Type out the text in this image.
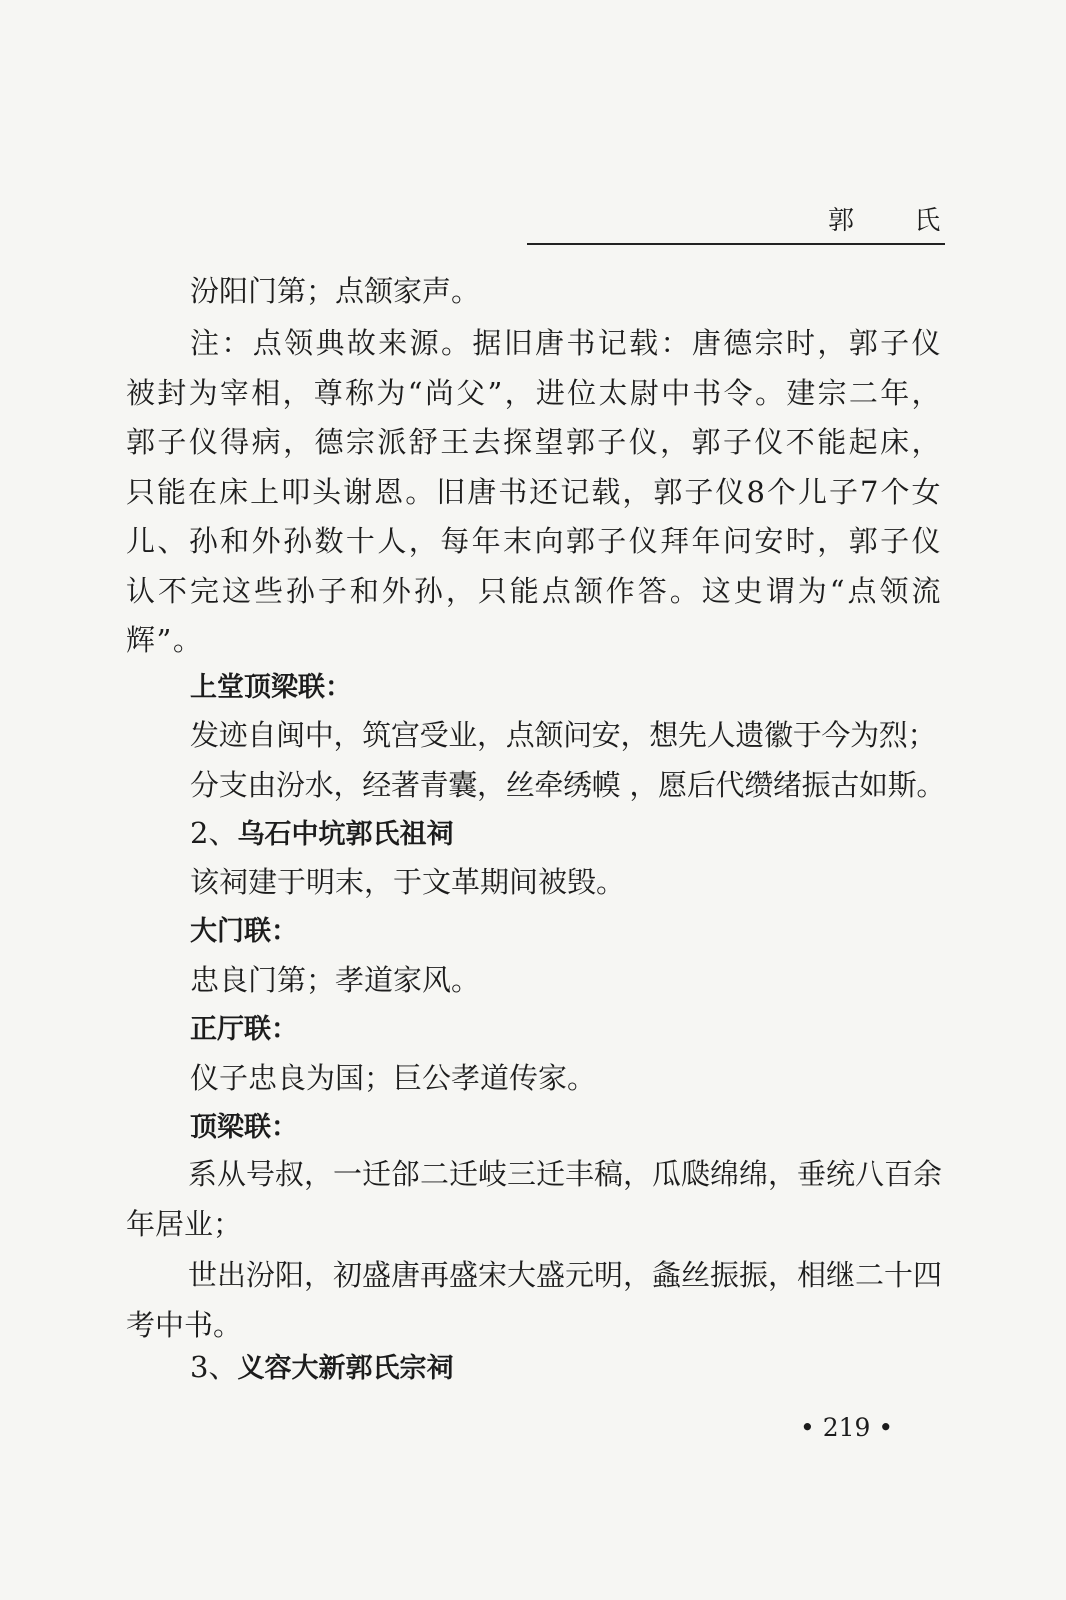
郭 氏
汾阳门第；点颔家声。
注：点领典故来源。据旧唐书记载：唐德宗时，郭子仪被封为宰相，尊称为“尚父”，进位太尉中书令。建宗二年，郭子仪得病，德宗派舒王去探望郭子仪，郭子仪不能起床，只能在床上叩头谢恩。旧唐书还记载，郭子仪8个儿子7个女儿、孙和外孙数十人，每年末向郭子仪拜年问安时，郭子仪认不完这些孙子和外孙，只能点颔作答。这史谓为“点领流辉”。
上堂顶梁联：
发迹自闽中，筑宫受业，点颔问安，想先人遗徽于今为烈；
分支由汾水，经著青囊，丝牵绣幙 ，愿后代缵绪振古如斯。
2、乌石中坑郭氏祖祠
该祠建于明末，于文革期间被毁。
大门联：
忠良门第；孝道家风。
正厅联：
仪子忠良为国；巨公孝道传家。
顶梁联：
系从号叔，一迁郃二迁岐三迁丰稿，瓜瓞绵绵，垂统八百余年居业；
世出汾阳，初盛唐再盛宋大盛元明，螽丝振振，相继二十四考中书。
3、义容大新郭氏宗祠
• 219 •
